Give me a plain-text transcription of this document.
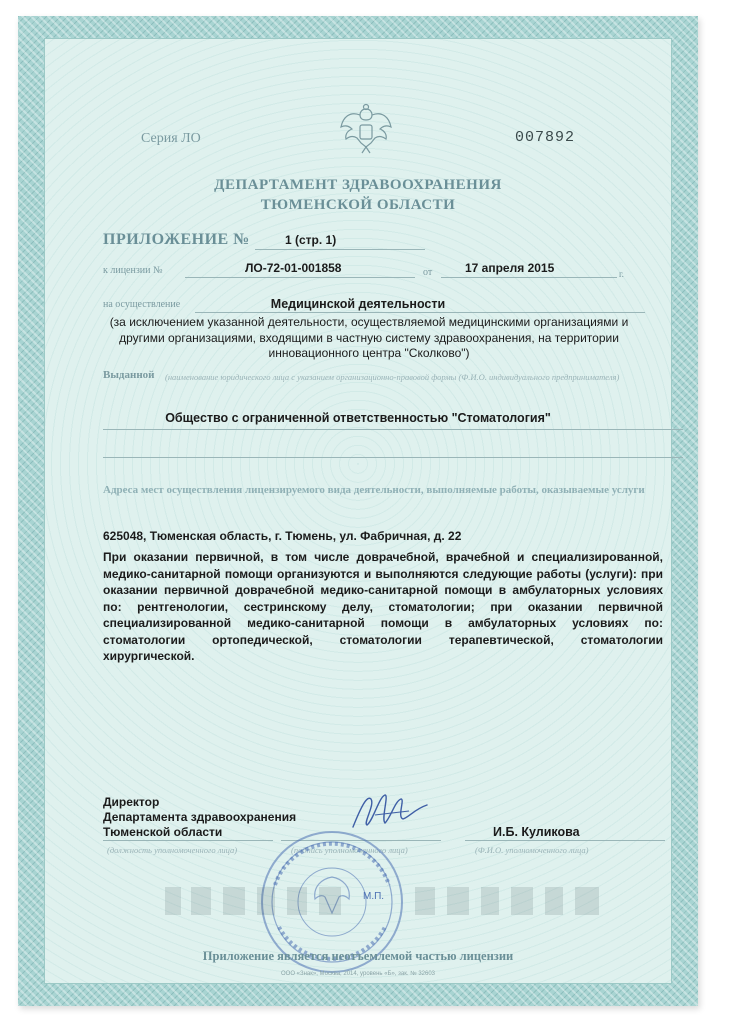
Серия ЛО	007892
ДЕПАРТАМЕНТ ЗДРАВООХРАНЕНИЯ
ТЮМЕНСКОЙ ОБЛАСТИ
ПРИЛОЖЕНИЕ №	1 (стр. 1)
к лицензии №	ЛО-72-01-001858	от	17 апреля 2015	г.
на осуществление	Медицинской деятельности
(за исключением указанной деятельности, осуществляемой медицинскими организациями и другими организациями, входящими в частную систему здравоохранения, на территории инновационного центра "Сколково")
Выданной (наименование юридического лица с указанием организационно-правовой формы (Ф.И.О. индивидуального предпринимателя)
Общество с ограниченной ответственностью "Стоматология"
Адреса мест осуществления лицензируемого вида деятельности, выполняемые работы, оказываемые услуги
625048, Тюменская область, г. Тюмень, ул. Фабричная, д. 22
При оказании первичной, в том числе доврачебной, врачебной и специализированной, медико-санитарной помощи организуются и выполняются следующие работы (услуги): при оказании первичной доврачебной медико-санитарной помощи в амбулаторных условиях по: рентгенологии, сестринскому делу, стоматологии; при оказании первичной специализированной медико-санитарной помощи в амбулаторных условиях по: стоматологии ортопедической, стоматологии терапевтической, стоматологии хирургической.
Директор
Департамента здравоохранения
Тюменской области
(должность уполномоченного лица)	(подпись уполномоченного лица)
И.Б. Куликова
(Ф.И.О. уполномоченного лица)
М.П.
Приложение является неотъемлемой частью лицензии
ООО «Знак», Москва, 2014, уровень «Б», зак. № 32603
